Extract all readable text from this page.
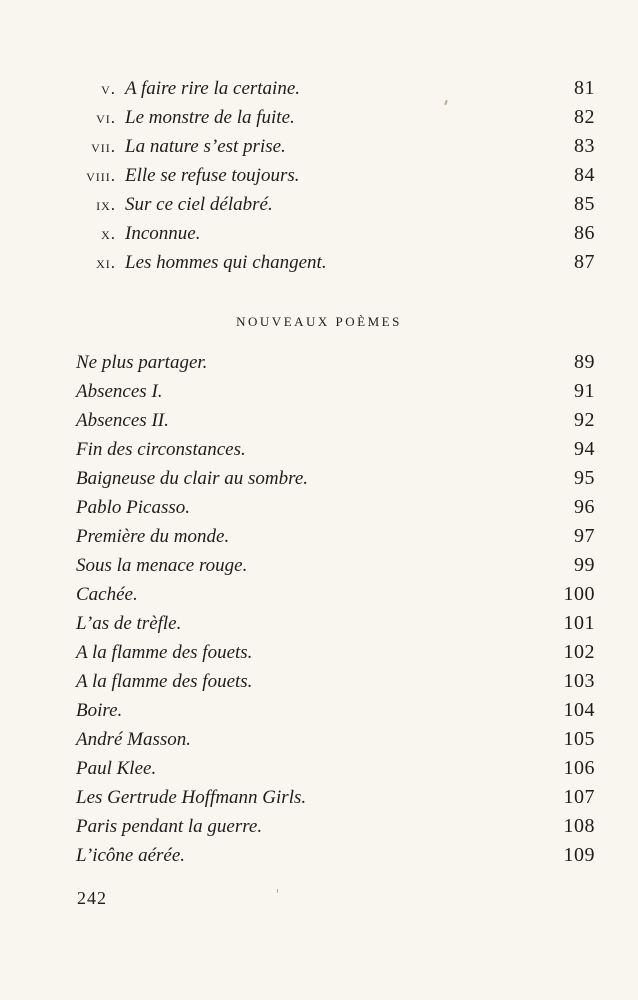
v. A faire rire la certaine.	81
vi. Le monstre de la fuite.	82
vii. La nature s’est prise.	83
viii. Elle se refuse toujours.	84
ix. Sur ce ciel délabré.	85
x. Inconnue.	86
xi. Les hommes qui changent.	87
NOUVEAUX POÈMES
Ne plus partager.	89
Absences I.	91
Absences II.	92
Fin des circonstances.	94
Baigneuse du clair au sombre.	95
Pablo Picasso.	96
Première du monde.	97
Sous la menace rouge.	99
Cachée.	100
L’as de trèfle.	101
A la flamme des fouets.	102
A la flamme des fouets.	103
Boire.	104
André Masson.	105
Paul Klee.	106
Les Gertrude Hoffmann Girls.	107
Paris pendant la guerre.	108
L’icône aérée.	109
242
